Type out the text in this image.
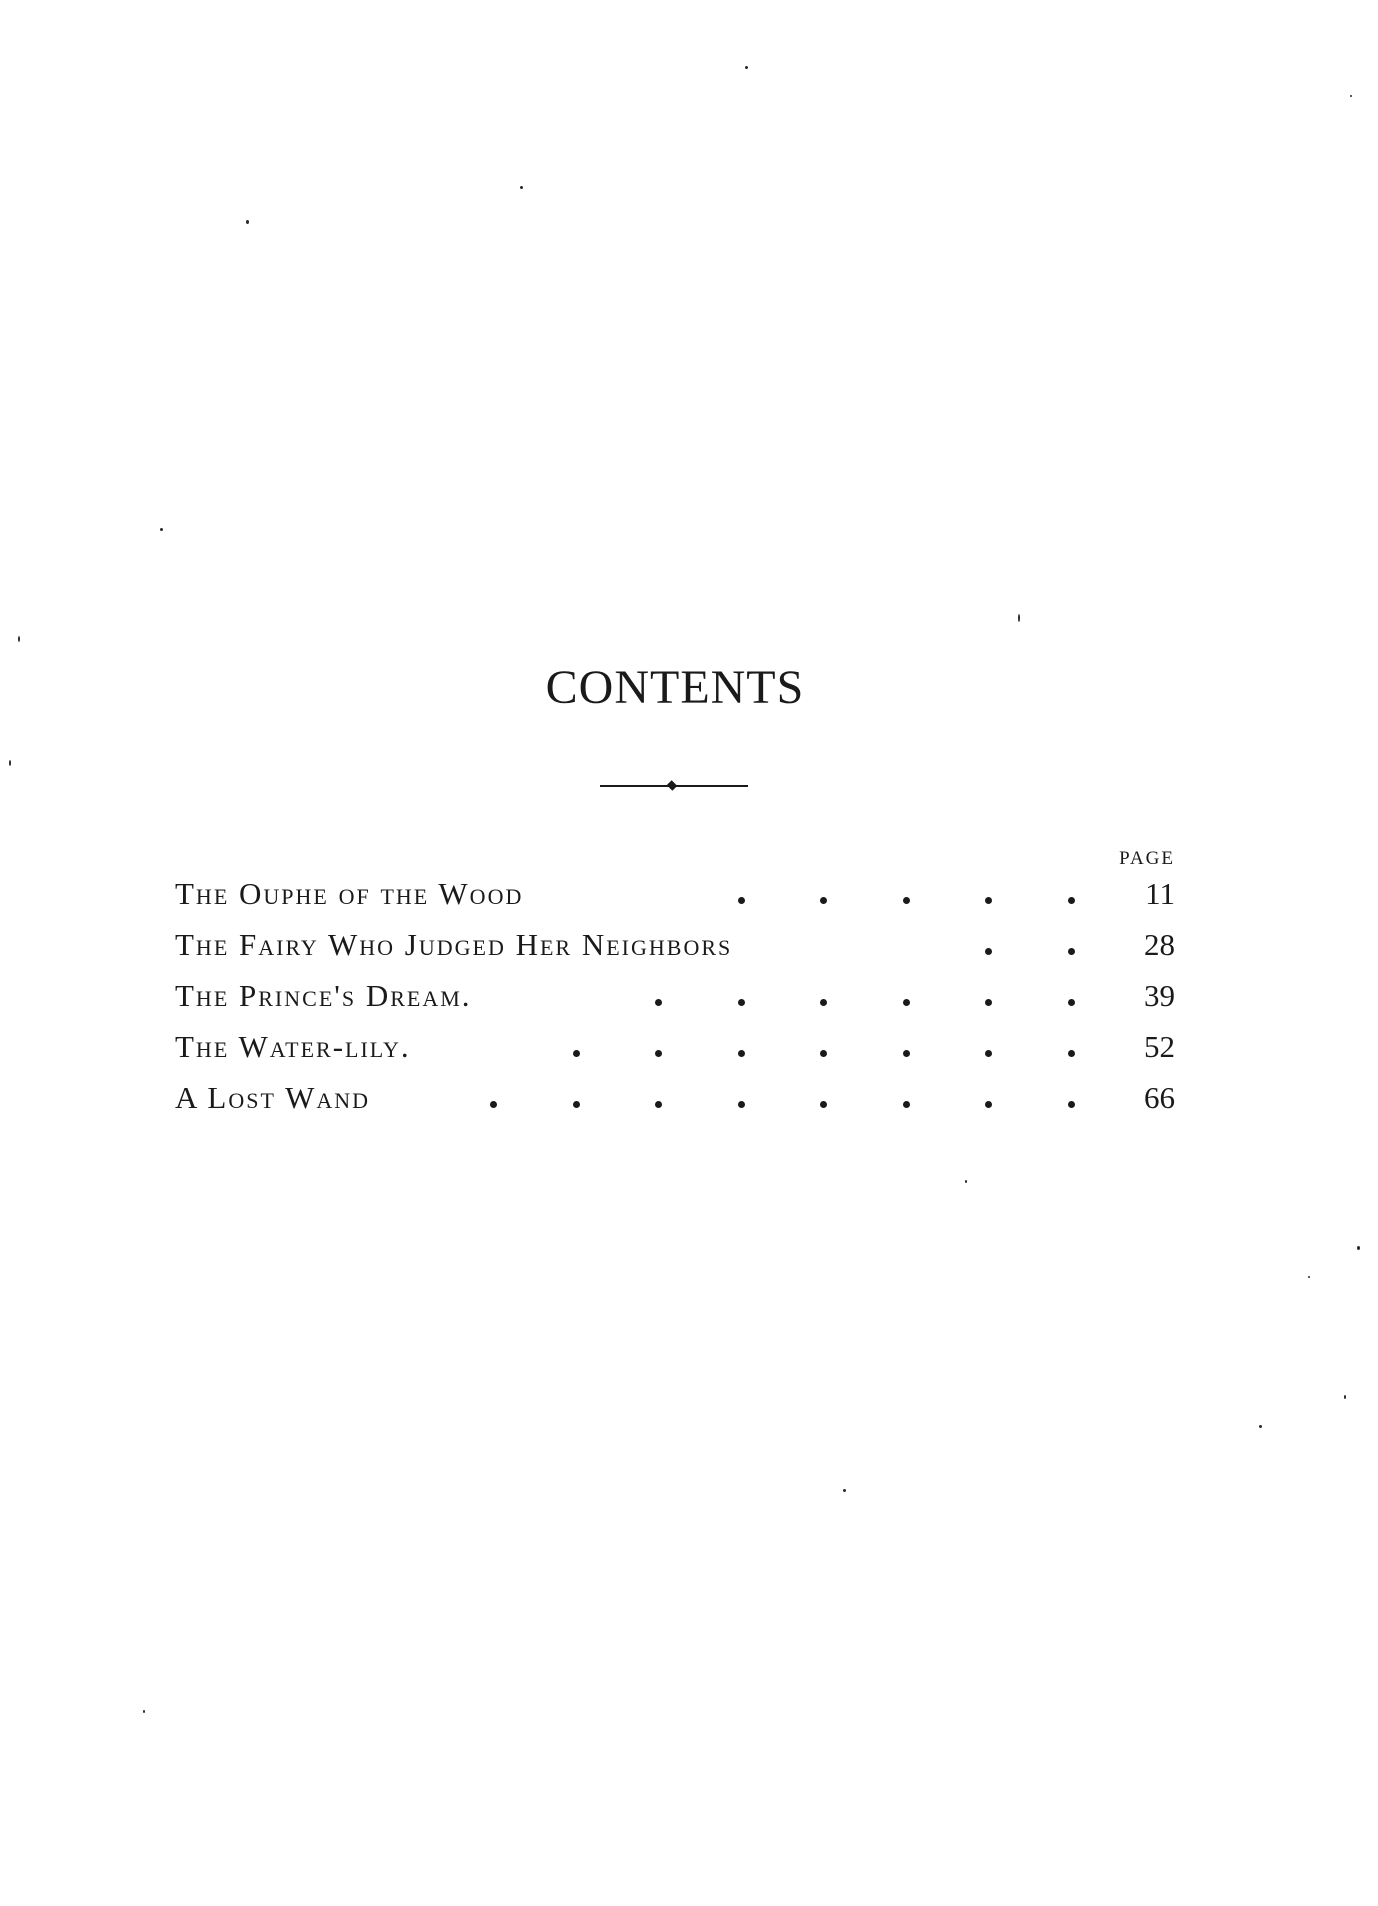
CONTENTS
PAGE
The Ouphe of the Wood	11
The Fairy Who Judged Her Neighbors	28
The Prince's Dream.	39
The Water-lily.	52
A Lost Wand	66
